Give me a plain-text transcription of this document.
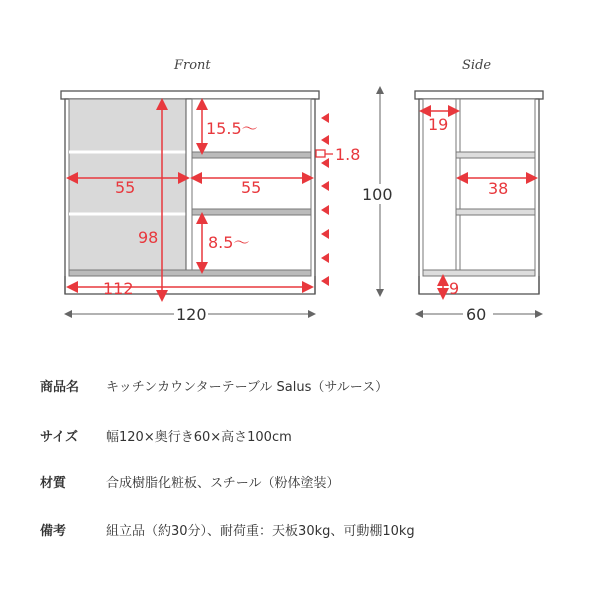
Front	Side
15.5～
1.8
55	55
98	8.5～
112
120
100
19
38
9
60
商品名 キッチンカウンターテーブル Salus（サルース）
サイズ 幅120×奥行き60×高さ100cm
材質	合成樹脂化粧板、スチール（粉体塗装）
備考	組立品（約30分）、耐荷重：天板30kg、可動棚10kg
